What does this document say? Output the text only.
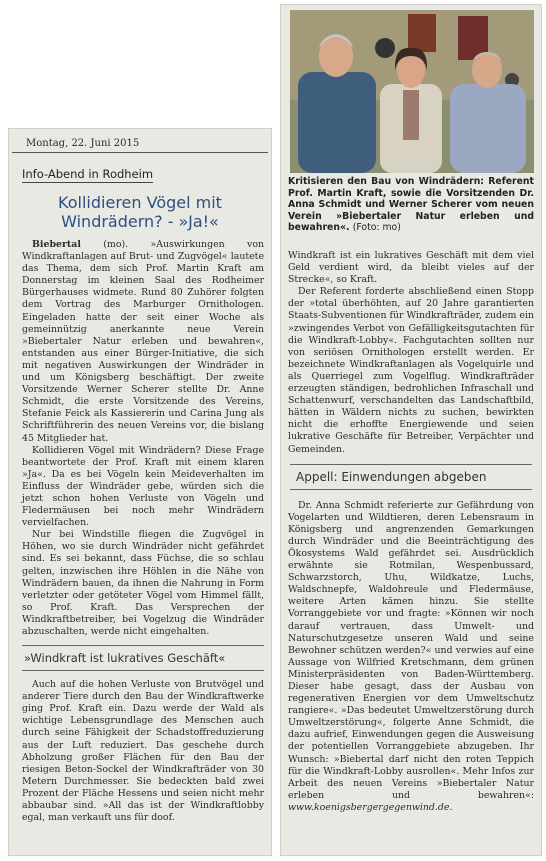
Montag, 22. Juni 2015
Info-Abend in Rodheim
Kollidieren Vögel mit
Windrädern? - »Ja!«

Biebertal (mo). »Auswirkungen von Windkraftanlagen auf Brut- und Zugvögel« lautete das Thema, dem sich Prof. Martin Kraft am Donnerstag im kleinen Saal des Rodheimer Bürgerhauses widmete. Rund 80 Zuhörer folgten dem Vortrag des Marburger Ornithologen. Eingeladen hatte der seit einer Woche als gemeinnützig anerkannte neue Verein »Biebertaler Natur erleben und bewahren«, entstanden aus einer Bürger-Initiative, die sich mit negativen Auswirkungen der Windräder in und um Königsberg beschäftigt. Der zweite Vorsitzende Werner Scherer stellte Dr. Anne Schmidt, die erste Vorsitzende des Vereins, Stefanie Feick als Kassiererin und Carina Jung als Schriftführerin des neuen Vereins vor, die bislang 45 Mitglieder hat.

Kollidieren Vögel mit Windrädern? Diese Frage beantwortete der Prof. Kraft mit einem klaren »Ja«. Da es bei Vögeln kein Meideverhalten im Einfluss der Windräder gebe, würden sich die jetzt schon hohen Verluste von Vögeln und Fledermäusen bei noch mehr Windrädern vervielfachen.

Nur bei Windstille fliegen die Zugvögel in Höhen, wo sie durch Windräder nicht gefährdet sind. Es sei bekannt, dass Füchse, die so schlau gelten, inzwischen ihre Höhlen in die Nähe von Windrädern bauen, da ihnen die Nahrung in Form verletzter oder getöteter Vögel vom Himmel fällt, so Prof. Kraft. Das Versprechen der Windkraftbetreiber, bei Vogelzug die Windräder abzuschalten, werde nicht eingehalten.

»Windkraft ist lukratives Geschäft«

Auch auf die hohen Verluste von Brutvögel und anderer Tiere durch den Bau der Windkraftwerke ging Prof. Kraft ein. Dazu werde der Wald als wichtige Lebensgrundlage des Menschen auch durch seine Fähigkeit der Schadstoffreduzierung aus der Luft reduziert. Das geschehe durch Abholzung großer Flächen für den Bau der riesigen Beton-Sockel der Windkrafträder von 30 Metern Durchmesser. Sie bedeckten bald zwei Prozent der Fläche Hessens und seien nicht mehr abbaubar sind. »All das ist der Windkraftlobby egal, man verkauft uns für doof.

Kritisieren den Bau von Windrädern: Referent Prof. Martin Kraft, sowie die Vorsitzenden Dr. Anna Schmidt und Werner Scherer vom neuen Verein »Biebertaler Natur erleben und bewahren«. (Foto: mo)

Windkraft ist ein lukratives Geschäft mit dem viel Geld verdient wird, da bleibt vieles auf der Strecke«, so Kraft.

Der Referent forderte abschließend einen Stopp der »total überhöhten, auf 20 Jahre garantierten Staats-Subventionen für Windkrafträder, zudem ein »zwingendes Verbot von Gefälligkeitsgutachten für die Windkraft-Lobby«. Fachgutachten sollten nur von seriösen Ornithologen erstellt werden. Er bezeichnete Windkraftanlagen als Vogelquirle und als Querriegel zum Vogelflug. Windkrafträder erzeugten ständigen, bedrohlichen Infraschall und Schattenwurf, verschandelten das Landschaftbild, hätten in Wäldern nichts zu suchen, bewirkten nicht die erhoffte Energiewende und seien lukrative Geschäfte für Betreiber, Verpächter und Gemeinden.

Appell: Einwendungen abgeben

Dr. Anna Schmidt referierte zur Gefährdung von Vogelarten und Wildtieren, deren Lebensraum in Königsberg und angrenzenden Gemarkungen durch Windräder und die Beeinträchtigung des Ökosystems Wald gefährdet sei. Ausdrücklich erwähnte sie Rotmilan, Wespenbussard, Schwarzstorch, Uhu, Wildkatze, Luchs, Waldschnepfe, Waldohreule und Fledermäuse, weitere Arten kämen hinzu. Sie stellte Vorranggebiete vor und fragte: »Können wir noch darauf vertrauen, dass Umwelt- und Naturschutzgesetze unseren Wald und seine Bewohner schützen werden?« und verwies auf eine Aussage von Wilfried Kretschmann, dem grünen Ministerpräsidenten von Baden-Württemberg. Dieser habe gesagt, dass der Ausbau von regenerativen Energien vor dem Umweltschutz rangiere«. »Das bedeutet Umweltzerstörung durch Umweltzerstörung«, folgerte Anne Schmidt, die dazu aufrief, Einwendungen gegen die Ausweisung der potentiellen Vorranggebiete abzugeben. Ihr Wunsch: »Biebertal darf nicht den roten Teppich für die Windkraft-Lobby ausrollen«. Mehr Infos zur Arbeit des neuen Vereins »Biebertaler Natur erleben und bewahren«: www.koenigsbergergegenwind.de.
